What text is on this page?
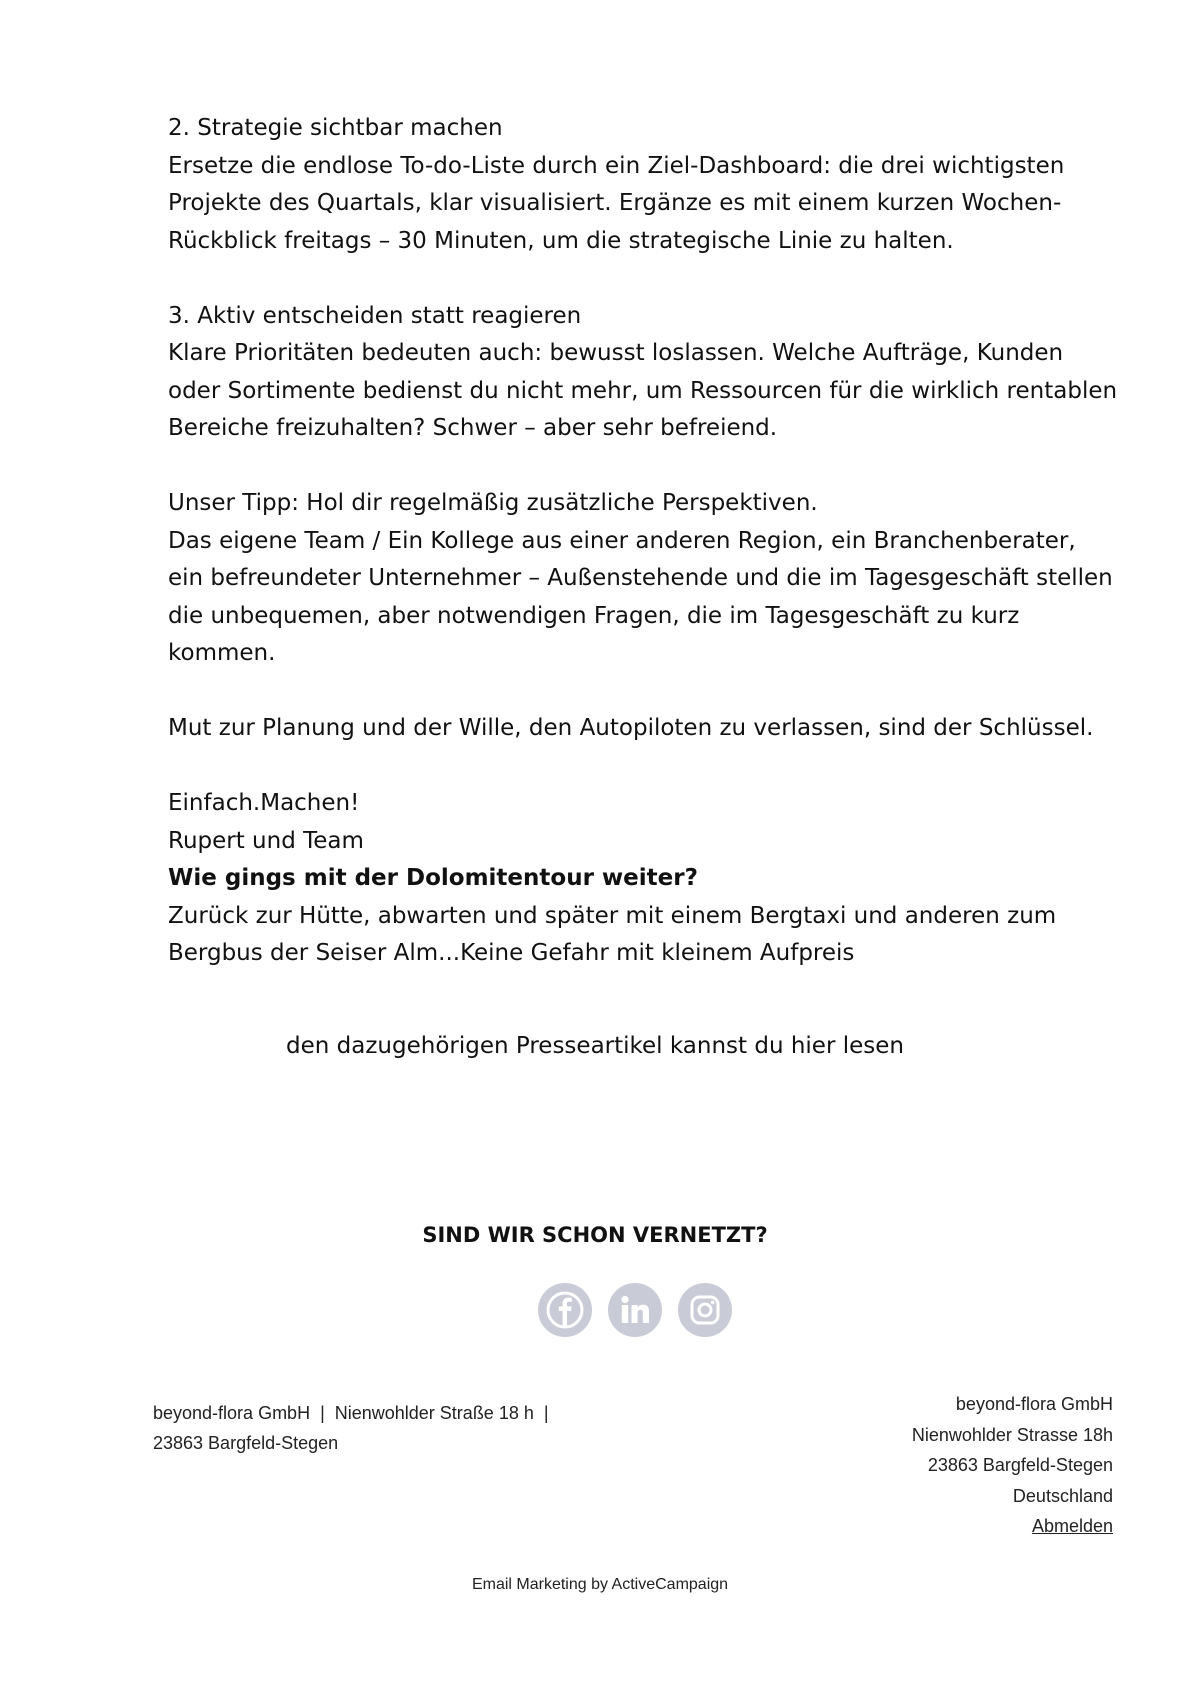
2. Strategie sichtbar machen

Ersetze die endlose To-do-Liste durch ein Ziel-Dashboard: die drei wichtigsten Projekte des Quartals, klar visualisiert. Ergänze es mit einem kurzen Wochen-Rückblick freitags – 30 Minuten, um die strategische Linie zu halten.

3. Aktiv entscheiden statt reagieren

Klare Prioritäten bedeuten auch: bewusst loslassen. Welche Aufträge, Kunden oder Sortimente bedienst du nicht mehr, um Ressourcen für die wirklich rentablen Bereiche freizuhalten? Schwer – aber sehr befreiend.

Unser Tipp: Hol dir regelmäßig zusätzliche Perspektiven.

Das eigene Team / Ein Kollege aus einer anderen Region, ein Branchenberater, ein befreundeter Unternehmer – Außenstehende und die im Tagesgeschäft stellen die unbequemen, aber notwendigen Fragen, die im Tagesgeschäft zu kurz kommen.

Mut zur Planung und der Wille, den Autopiloten zu verlassen, sind der Schlüssel.

Einfach.Machen!

Rupert und Team

Wie gings mit der Dolomitentour weiter?

Zurück zur Hütte, abwarten und später mit einem Bergtaxi und anderen zum Bergbus der Seiser Alm...Keine Gefahr mit kleinem Aufpreis

den dazugehörigen Presseartikel kannst du hier lesen
SIND WIR SCHON VERNETZT?
beyond-flora GmbH  |  Nienwohlder Straße 18 h  |
23863 Bargfeld-Stegen
beyond-flora GmbH
Nienwohlder Strasse 18h
23863 Bargfeld-Stegen
Deutschland
Abmelden
Email Marketing by ActiveCampaign
